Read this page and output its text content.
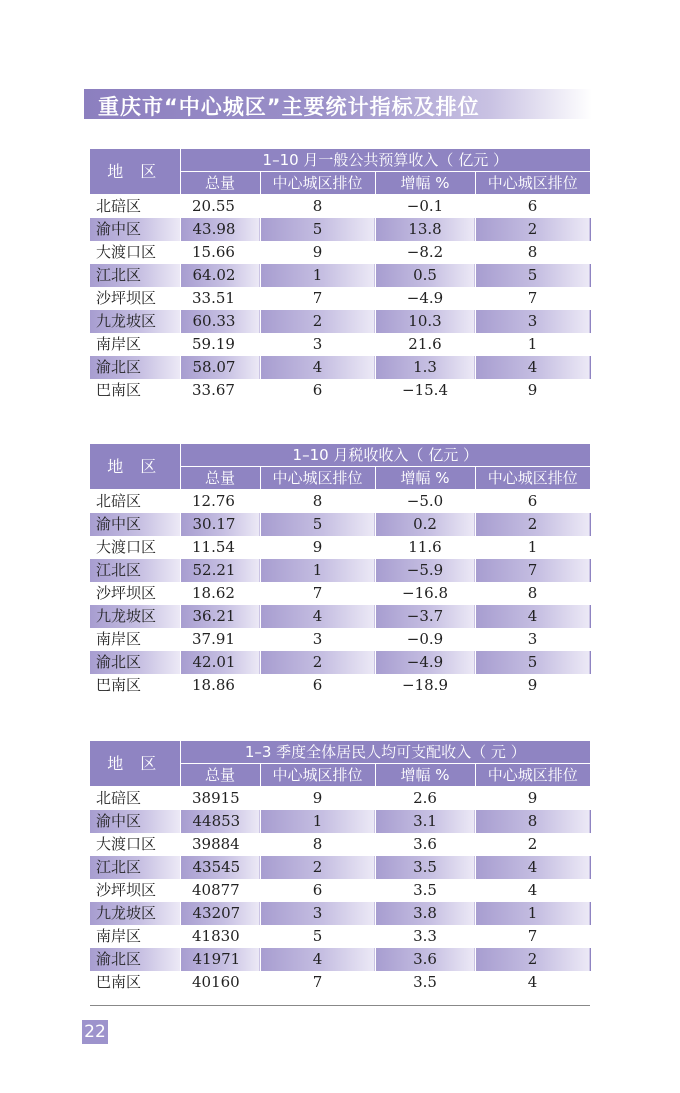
重庆市“中心城区”主要统计指标及排位
地 区	1–10 月一般公共预算收入（ 亿元 ）			
	总量	中心城区排位	增幅 %	中心城区排位
北碚区	20.55	8	−0.1	6
渝中区	43.98	5	13.8	2
大渡口区	15.66	9	−8.2	8
江北区	64.02	1	0.5	5
沙坪坝区	33.51	7	−4.9	7
九龙坡区	60.33	2	10.3	3
南岸区	59.19	3	21.6	1
渝北区	58.07	4	1.3	4
巴南区	33.67	6	−15.4	9
地 区	1–10 月税收收入（ 亿元 ）			
	总量	中心城区排位	增幅 %	中心城区排位
北碚区	12.76	8	−5.0	6
渝中区	30.17	5	0.2	2
大渡口区	11.54	9	11.6	1
江北区	52.21	1	−5.9	7
沙坪坝区	18.62	7	−16.8	8
九龙坡区	36.21	4	−3.7	4
南岸区	37.91	3	−0.9	3
渝北区	42.01	2	−4.9	5
巴南区	18.86	6	−18.9	9
地 区	1–3 季度全体居民人均可支配收入（ 元 ）			
	总量	中心城区排位	增幅 %	中心城区排位
北碚区	38915	9	2.6	9
渝中区	44853	1	3.1	8
大渡口区	39884	8	3.6	2
江北区	43545	2	3.5	4
沙坪坝区	40877	6	3.5	4
九龙坡区	43207	3	3.8	1
南岸区	41830	5	3.3	7
渝北区	41971	4	3.6	2
巴南区	40160	7	3.5	4
22
